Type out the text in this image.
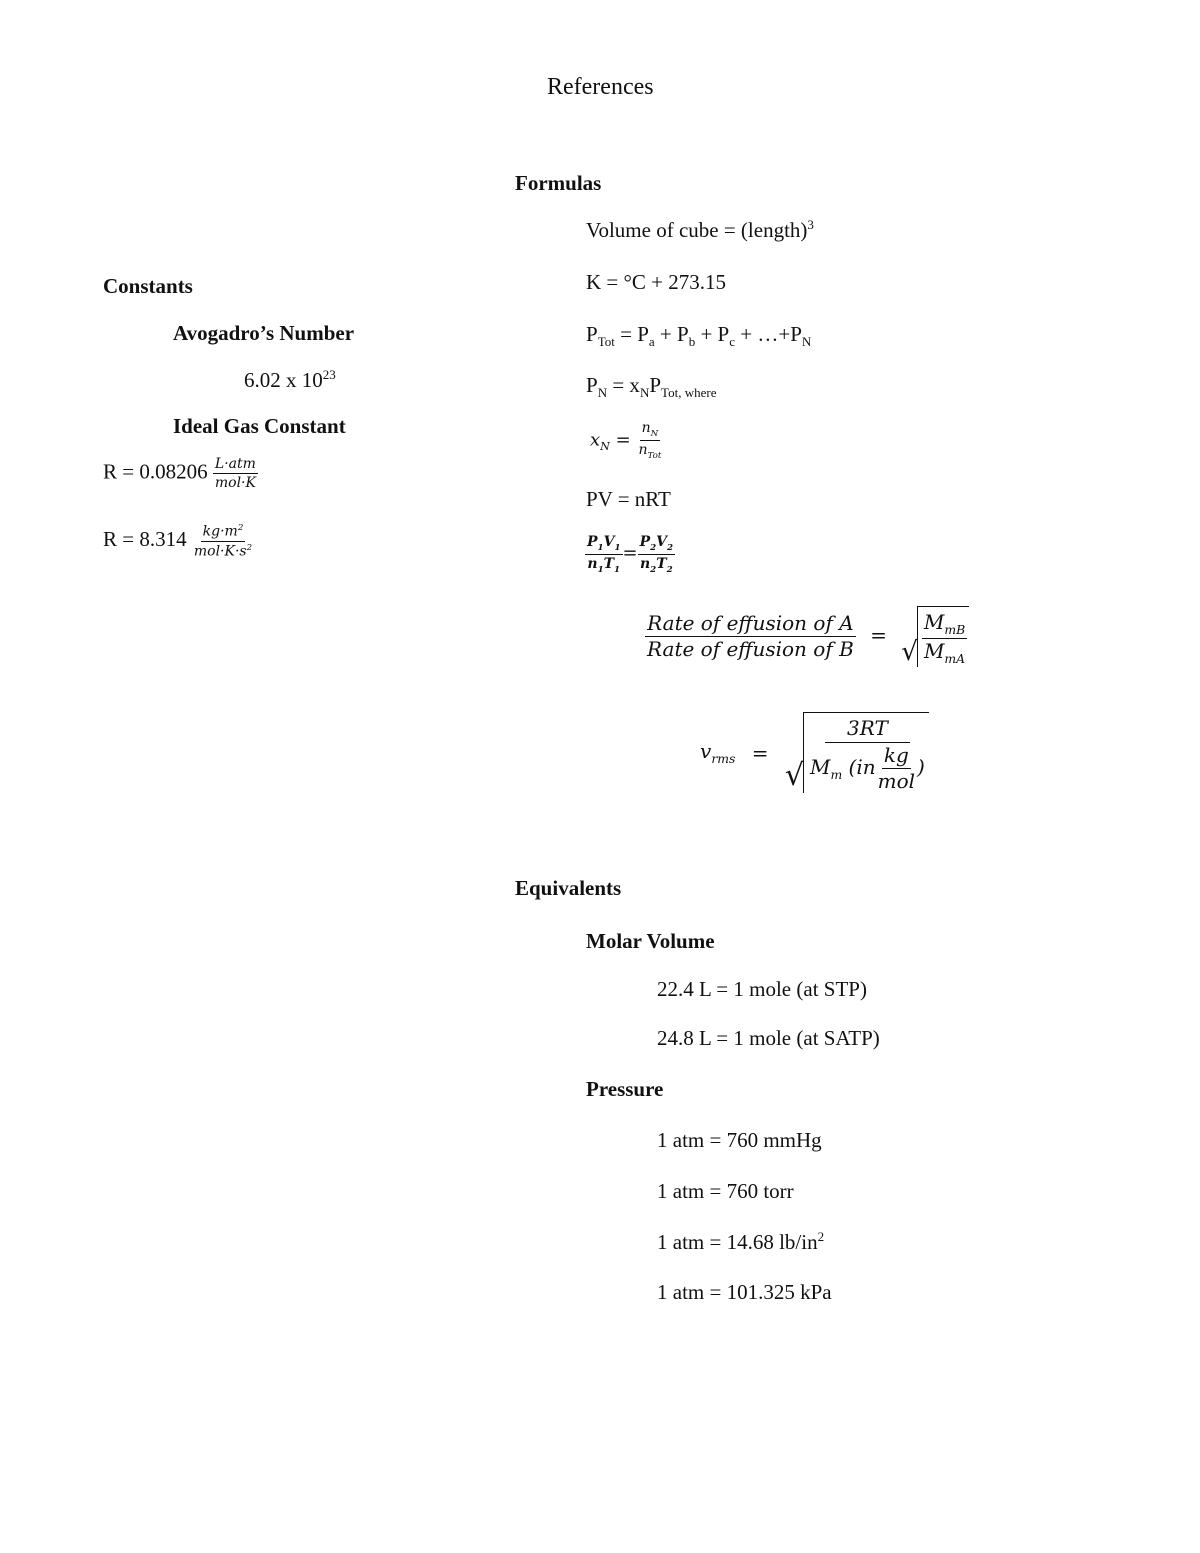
References
Constants
Avogadro’s Number
6.02 x $10^{23}$
Ideal Gas Constant
$R = 0.08206 \frac{\text{L·atm}}{\text{mol·K}}$
$R = 8.314 \frac{kg\cdot m^2}{mol\cdot K\cdot s^2}$
Formulas
Volume of cube = (length)$^3$
K = °C + 273.15
$P_{Tot} = P_a + P_b + P_c$ + $\dots+P_N$
$P_N = x_NP_{Tot, where}$
$x_N = \frac{n_N}{n_{Tot}}$
PV = nRT
$\frac{P_1V_1}{n_1T_1} = \frac{P_2V_2}{n_2T_2}$
$\frac{\text{Rate of effusion of A}}{\text{Rate of effusion of B}}$ =
√ $\frac{M_{mB}}{M_{mA}}$
$v_{rms}$ =
√ $\frac{3RT}{M_m (in \frac{kg}{\text{mol}} )}$
Equivalents
Molar Volume
22.4 L = 1 mole (at STP)
24.8 L = 1 mole (at SATP)
Pressure
1 atm = 760 mmHg
1 atm = 760 torr
1 atm = 14.68 $lb/in^2$
1 atm = 101.325 kPa
